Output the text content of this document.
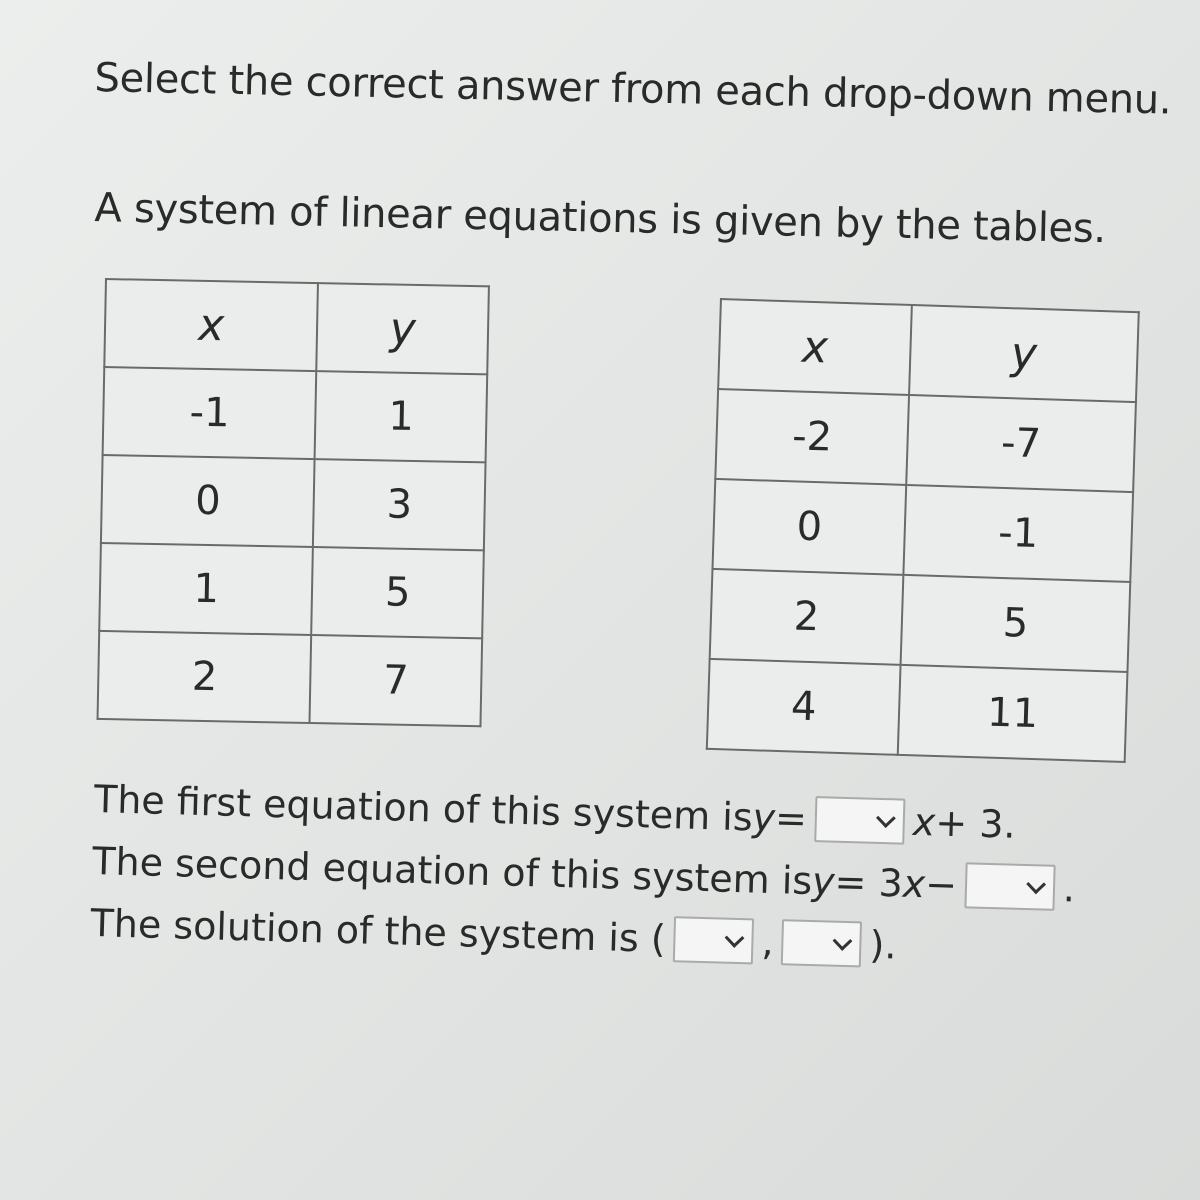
Select the correct answer from each drop-down menu.
A system of linear equations is given by the tables.
x	y
-1	1
0	3
1	5
2	7
x	y
-2	-7
0	-1
2	5
4	11
The first equation of this system is
y
=	x
+ 3.
The second equation of this system is
y
= 3
x
−	.
The solution of the system is ( , ).
